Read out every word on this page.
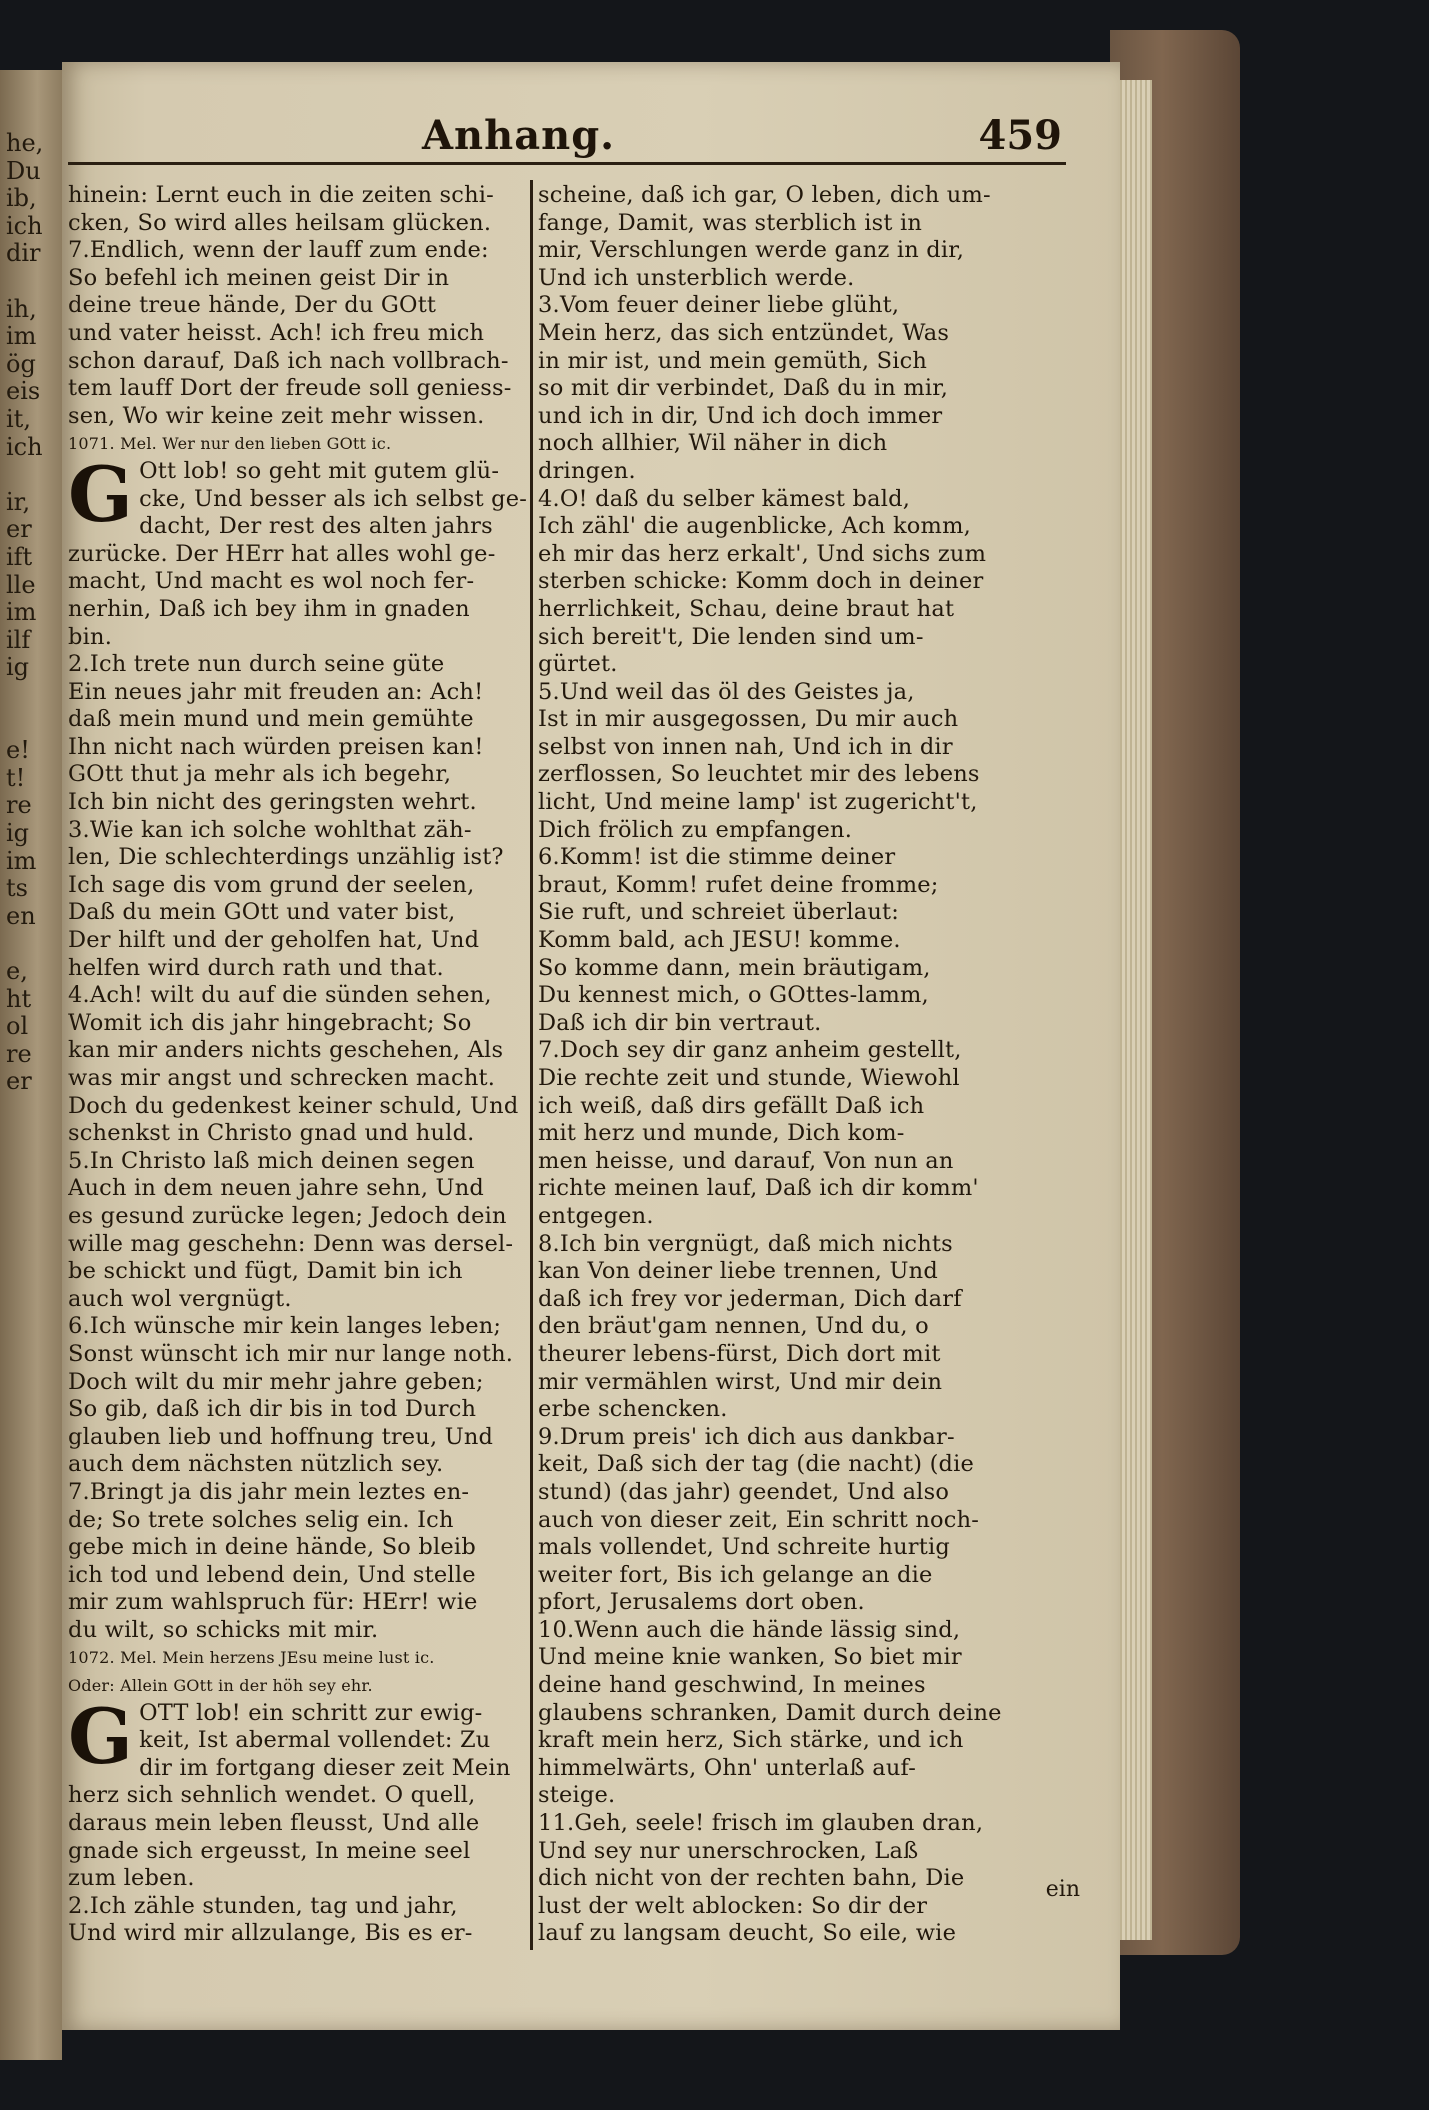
he,
Du
ib,
ich
dir
ih,
im
ög
eis
it,
ich
ir,
er
ift
lle
im
ilf
ig
e!
t!
re
ig
im
ts
en
e,
ht
ol
re
er
Anhang.	459
hinein: Lernt euch in die zeiten schi-
cken, So wird alles heilsam glücken.
7.Endlich, wenn der lauff zum ende:
So befehl ich meinen geist Dir in
deine treue hände, Der du GOtt
und vater heisst. Ach! ich freu mich
schon darauf, Daß ich nach vollbrach-
tem lauff Dort der freude soll geniess-
sen, Wo wir keine zeit mehr wissen.
1071. Mel. Wer nur den lieben GOtt ic.
G Ott lob! so geht mit gutem glü-
cke, Und besser als ich selbst ge-
dacht, Der rest des alten jahrs
zurücke. Der HErr hat alles wohl ge-
macht, Und macht es wol noch fer-
nerhin, Daß ich bey ihm in gnaden
bin.
2.Ich trete nun durch seine güte
Ein neues jahr mit freuden an: Ach!
daß mein mund und mein gemühte
Ihn nicht nach würden preisen kan!
GOtt thut ja mehr als ich begehr,
Ich bin nicht des geringsten wehrt.
3.Wie kan ich solche wohlthat zäh-
len, Die schlechterdings unzählig ist?
Ich sage dis vom grund der seelen,
Daß du mein GOtt und vater bist,
Der hilft und der geholfen hat, Und
helfen wird durch rath und that.
4.Ach! wilt du auf die sünden sehen,
Womit ich dis jahr hingebracht; So
kan mir anders nichts geschehen, Als
was mir angst und schrecken macht.
Doch du gedenkest keiner schuld, Und
schenkst in Christo gnad und huld.
5.In Christo laß mich deinen segen
Auch in dem neuen jahre sehn, Und
es gesund zurücke legen; Jedoch dein
wille mag geschehn: Denn was dersel-
be schickt und fügt, Damit bin ich
auch wol vergnügt.
6.Ich wünsche mir kein langes leben;
Sonst wünscht ich mir nur lange noth.
Doch wilt du mir mehr jahre geben;
So gib, daß ich dir bis in tod Durch
glauben lieb und hoffnung treu, Und
auch dem nächsten nützlich sey.
7.Bringt ja dis jahr mein leztes en-
de; So trete solches selig ein. Ich
gebe mich in deine hände, So bleib
ich tod und lebend dein, Und stelle
mir zum wahlspruch für: HErr! wie
du wilt, so schicks mit mir.
1072. Mel. Mein herzens JEsu meine lust ic.
Oder: Allein GOtt in der höh sey ehr.
G OTT lob! ein schritt zur ewig-
keit, Ist abermal vollendet: Zu
dir im fortgang dieser zeit Mein
herz sich sehnlich wendet. O quell,
daraus mein leben fleusst, Und alle
gnade sich ergeusst, In meine seel
zum leben.
2.Ich zähle stunden, tag und jahr,
Und wird mir allzulange, Bis es er-
scheine, daß ich gar, O leben, dich um-
fange, Damit, was sterblich ist in
mir, Verschlungen werde ganz in dir,
Und ich unsterblich werde.
3.Vom feuer deiner liebe glüht,
Mein herz, das sich entzündet, Was
in mir ist, und mein gemüth, Sich
so mit dir verbindet, Daß du in mir,
und ich in dir, Und ich doch immer
noch allhier, Wil näher in dich
dringen.
4.O! daß du selber kämest bald,
Ich zähl' die augenblicke, Ach komm,
eh mir das herz erkalt', Und sichs zum
sterben schicke: Komm doch in deiner
herrlichkeit, Schau, deine braut hat
sich bereit't, Die lenden sind um-
gürtet.
5.Und weil das öl des Geistes ja,
Ist in mir ausgegossen, Du mir auch
selbst von innen nah, Und ich in dir
zerflossen, So leuchtet mir des lebens
licht, Und meine lamp' ist zugericht't,
Dich frölich zu empfangen.
6.Komm! ist die stimme deiner
braut, Komm! rufet deine fromme;
Sie ruft, und schreiet überlaut:
Komm bald, ach JESU! komme.
So komme dann, mein bräutigam,
Du kennest mich, o GOttes-lamm,
Daß ich dir bin vertraut.
7.Doch sey dir ganz anheim gestellt,
Die rechte zeit und stunde, Wiewohl
ich weiß, daß dirs gefällt Daß ich
mit herz und munde, Dich kom-
men heisse, und darauf, Von nun an
richte meinen lauf, Daß ich dir komm'
entgegen.
8.Ich bin vergnügt, daß mich nichts
kan Von deiner liebe trennen, Und
daß ich frey vor jederman, Dich darf
den bräut'gam nennen, Und du, o
theurer lebens-fürst, Dich dort mit
mir vermählen wirst, Und mir dein
erbe schencken.
9.Drum preis' ich dich aus dankbar-
keit, Daß sich der tag (die nacht) (die
stund) (das jahr) geendet, Und also
auch von dieser zeit, Ein schritt noch-
mals vollendet, Und schreite hurtig
weiter fort, Bis ich gelange an die
pfort, Jerusalems dort oben.
10.Wenn auch die hände lässig sind,
Und meine knie wanken, So biet mir
deine hand geschwind, In meines
glaubens schranken, Damit durch deine
kraft mein herz, Sich stärke, und ich
himmelwärts, Ohn' unterlaß auf-
steige.
11.Geh, seele! frisch im glauben dran,
Und sey nur unerschrocken, Laß
dich nicht von der rechten bahn, Die
lust der welt ablocken: So dir der
lauf zu langsam deucht, So eile, wie
ein
